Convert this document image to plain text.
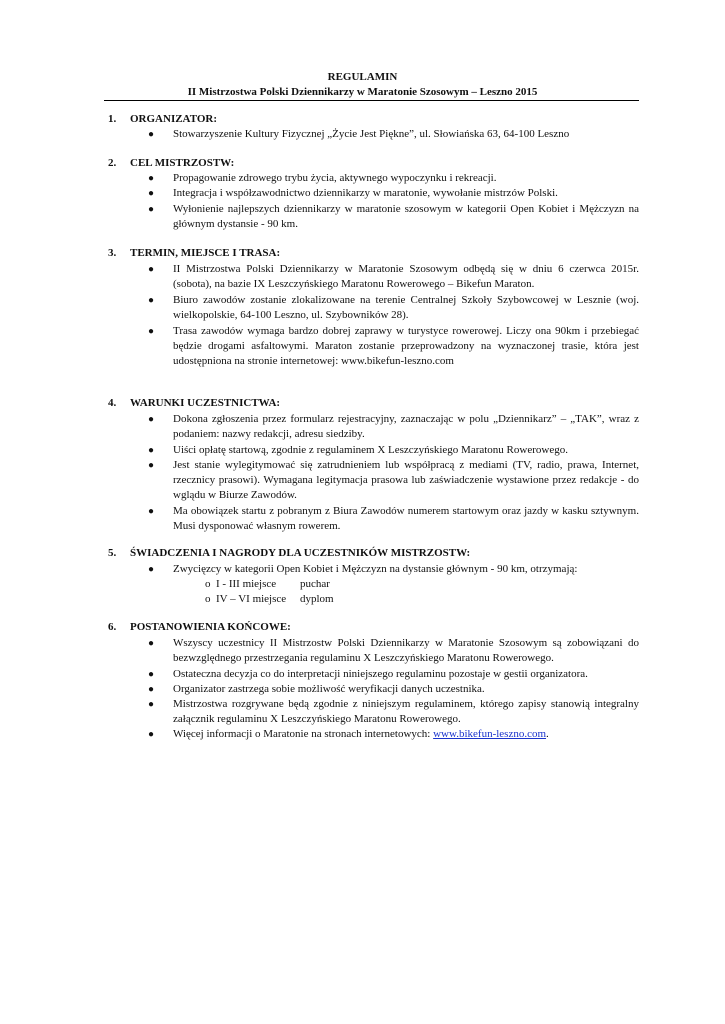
REGULAMIN
II Mistrzostwa Polski Dziennikarzy w Maratonie Szosowym – Leszno 2015
1. ORGANIZATOR:
● Stowarzyszenie Kultury Fizycznej „Życie Jest Piękne”, ul. Słowiańska 63, 64-100 Leszno
2. CEL MISTRZOSTW:
● Propagowanie zdrowego trybu życia, aktywnego wypoczynku i rekreacji.
● Integracja i współzawodnictwo dziennikarzy w maratonie, wywołanie mistrzów Polski.
● Wyłonienie najlepszych dziennikarzy w maratonie szosowym w kategorii Open Kobiet i Mężczyzn na głównym dystansie - 90 km.
3. TERMIN, MIEJSCE I TRASA:
● II Mistrzostwa Polski Dziennikarzy w Maratonie Szosowym odbędą się w dniu 6 czerwca 2015r. (sobota), na bazie IX Leszczyńskiego Maratonu Rowerowego – Bikefun Maraton.
● Biuro zawodów zostanie zlokalizowane na terenie Centralnej Szkoły Szybowcowej w Lesznie (woj. wielkopolskie, 64-100 Leszno, ul. Szybowników 28).
● Trasa zawodów wymaga bardzo dobrej zaprawy w turystyce rowerowej. Liczy ona 90km i przebiegać będzie drogami asfaltowymi. Maraton zostanie przeprowadzony na wyznaczonej trasie, która jest udostępniona na stronie internetowej: www.bikefun-leszno.com
4. WARUNKI UCZESTNICTWA:
● Dokona zgłoszenia przez formularz rejestracyjny, zaznaczając w polu „Dziennikarz” – „TAK”, wraz z podaniem: nazwy redakcji, adresu siedziby.
● Uiści opłatę startową, zgodnie z regulaminem X Leszczyńskiego Maratonu Rowerowego.
● Jest stanie wylegitymować się zatrudnieniem lub współpracą z mediami (TV, radio, prawa, Internet, rzecznicy prasowi). Wymagana legitymacja prasowa lub zaświadczenie wystawione przez redakcje - do wglądu w Biurze Zawodów.
● Ma obowiązek startu z pobranym z Biura Zawodów numerem startowym oraz jazdy w kasku sztywnym. Musi dysponować własnym rowerem.
5. ŚWIADCZENIA I NAGRODY DLA UCZESTNIKÓW MISTRZOSTW:
● Zwycięzcy w kategorii Open Kobiet i Mężczyzn na dystansie głównym - 90 km, otrzymają:
o I - III miejsce puchar
o IV – VI miejsce dyplom
6. POSTANOWIENIA KOŃCOWE:
● Wszyscy uczestnicy II Mistrzostw Polski Dziennikarzy w Maratonie Szosowym są zobowiązani do bezwzględnego przestrzegania regulaminu X Leszczyńskiego Maratonu Rowerowego.
● Ostateczna decyzja co do interpretacji niniejszego regulaminu pozostaje w gestii organizatora.
● Organizator zastrzega sobie możliwość weryfikacji danych uczestnika.
● Mistrzostwa rozgrywane będą zgodnie z niniejszym regulaminem, którego zapisy stanowią integralny załącznik regulaminu X Leszczyńskiego Maratonu Rowerowego.
● Więcej informacji o Maratonie na stronach internetowych: www.bikefun-leszno.com.
